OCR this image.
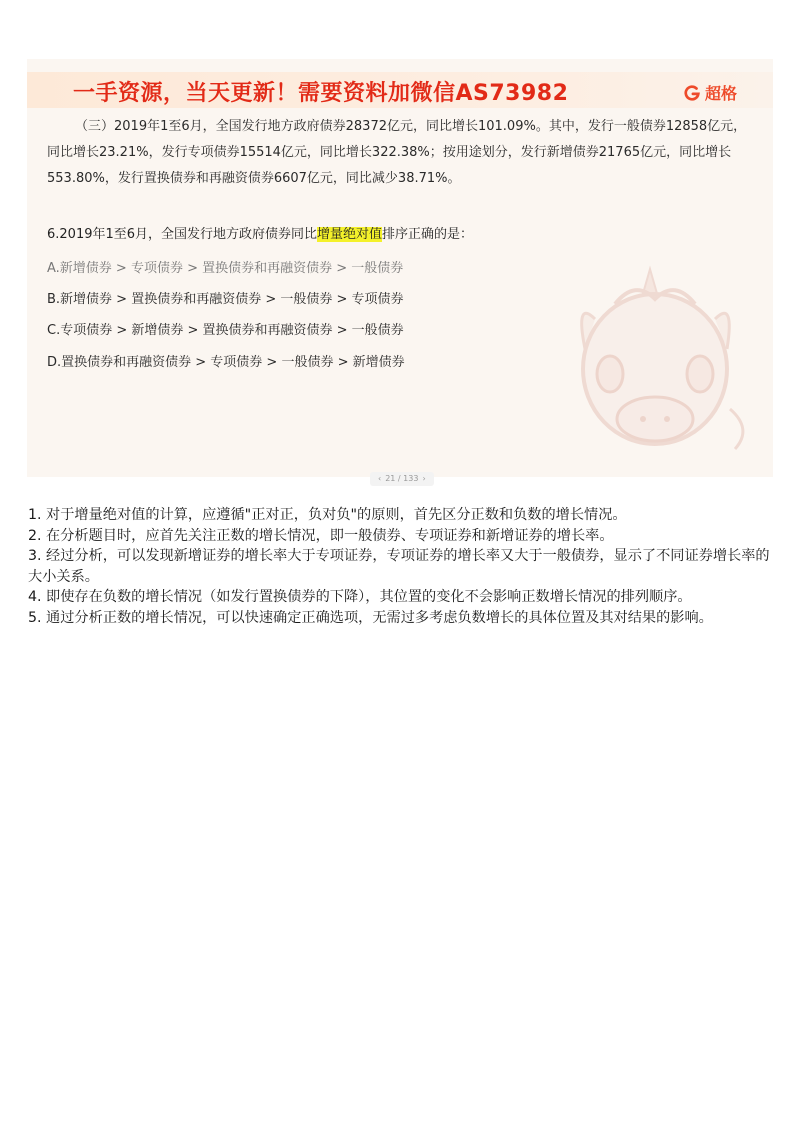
一手资源，当天更新！需要资料加微信AS73982	超格
（三）2019年1至6月，全国发行地方政府债券28372亿元，同比增长101.09%。其中，发行一般债券12858亿元，同比增长23.21%，发行专项债券15514亿元，同比增长322.38%；按用途划分，发行新增债券21765亿元，同比增长553.80%，发行置换债券和再融资债券6607亿元，同比减少38.71%。
6.2019年1至6月，全国发行地方政府债券同比增量绝对值排序正确的是：
A.新增债券 > 专项债券 > 置换债券和再融资债券 > 一般债券
B.新增债券 > 置换债券和再融资债券 > 一般债券 > 专项债券
C.专项债券 > 新增债券 > 置换债券和再融资债券 > 一般债券
D.置换债券和再融资债券 > 专项债券 > 一般债券 > 新增债券
‹ 21 / 133 ›

1. 对于增量绝对值的计算，应遵循"正对正，负对负"的原则，首先区分正数和负数的增长情况。

2. 在分析题目时，应首先关注正数的增长情况，即一般债券、专项证券和新增证券的增长率。

3. 经过分析，可以发现新增证券的增长率大于专项证券，专项证券的增长率又大于一般债券，显示了不同证券增长率的大小关系。

4. 即使存在负数的增长情况（如发行置换债券的下降），其位置的变化不会影响正数增长情况的排列顺序。

5. 通过分析正数的增长情况，可以快速确定正确选项，无需过多考虑负数增长的具体位置及其对结果的影响。
